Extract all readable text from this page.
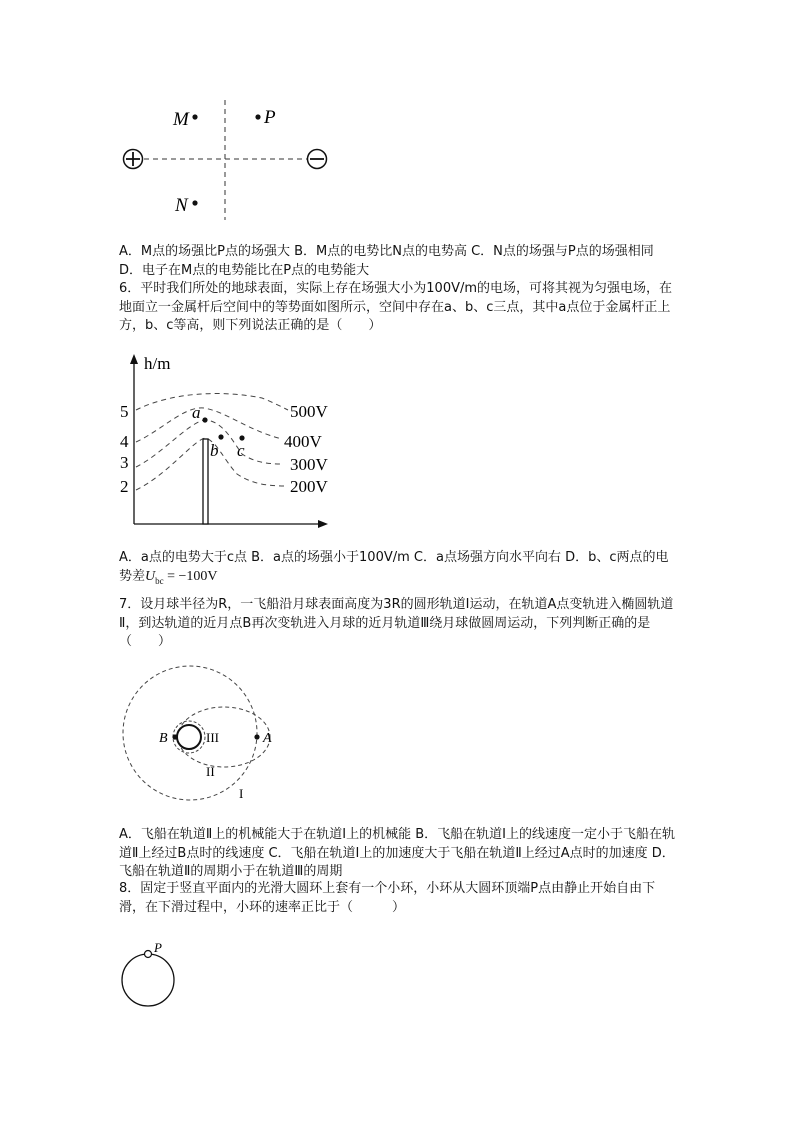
M	P
N
A．M点的场强比P点的场强大 B．M点的电势比N点的电势高 C．N点的场强与P点的场强相同 D．电子在M点的电势能比在P点的电势能大
6．平时我们所处的地球表面，实际上存在场强大小为100V/m的电场，可将其视为匀强电场，在地面立一金属杆后空间中的等势面如图所示，空间中存在a、b、c三点，其中a点位于金属杆正上方，b、c等高，则下列说法正确的是（　　）
h/m
5
4
3
2
a
b c
500V
400V
300V
200V
A．a点的电势大于c点 B．a点的场强小于100V/m C．a点场强方向水平向右 D．b、c两点的电势差$U_{bc} = -100V$
7．设月球半径为R，一飞船沿月球表面高度为3R的圆形轨道Ⅰ运动，在轨道A点变轨进入椭圆轨道Ⅱ，到达轨道的近月点B再次变轨进入月球的近月轨道Ⅲ绕月球做圆周运动，下列判断正确的是（　　）
B	A
III
II
I
A．飞船在轨道Ⅱ上的机械能大于在轨道Ⅰ上的机械能 B．飞船在轨道Ⅰ上的线速度一定小于飞船在轨道Ⅱ上经过B点时的线速度 C．飞船在轨道Ⅰ上的加速度大于飞船在轨道Ⅱ上经过A点时的加速度 D．飞船在轨道Ⅱ的周期小于在轨道Ⅲ的周期
8．固定于竖直平面内的光滑大圆环上套有一个小环，小环从大圆环顶端P点由静止开始自由下滑，在下滑过程中，小环的速率正比于（　　　）
P
